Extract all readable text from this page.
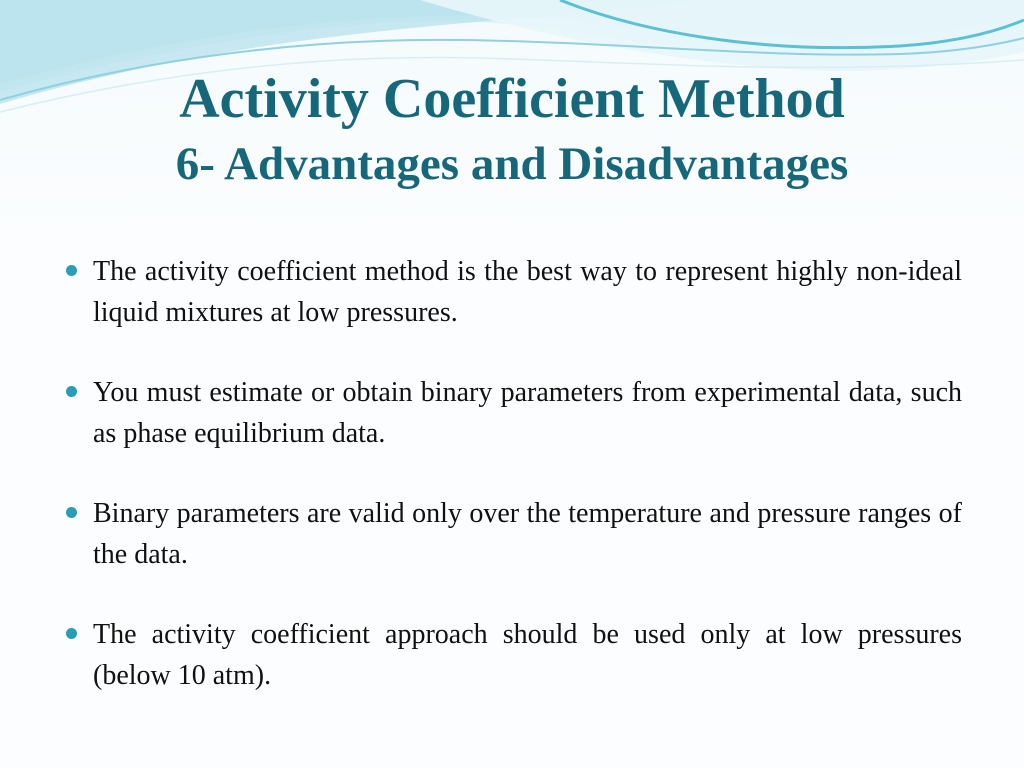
Activity Coefficient Method
6- Advantages and Disadvantages
The activity coefficient method is the best way to represent highly non-ideal liquid mixtures at low pressures.
You must estimate or obtain binary parameters from experimental data, such as phase equilibrium data.
Binary parameters are valid only over the temperature and pressure ranges of the data.
The activity coefficient approach should be used only at low pressures (below 10 atm).
